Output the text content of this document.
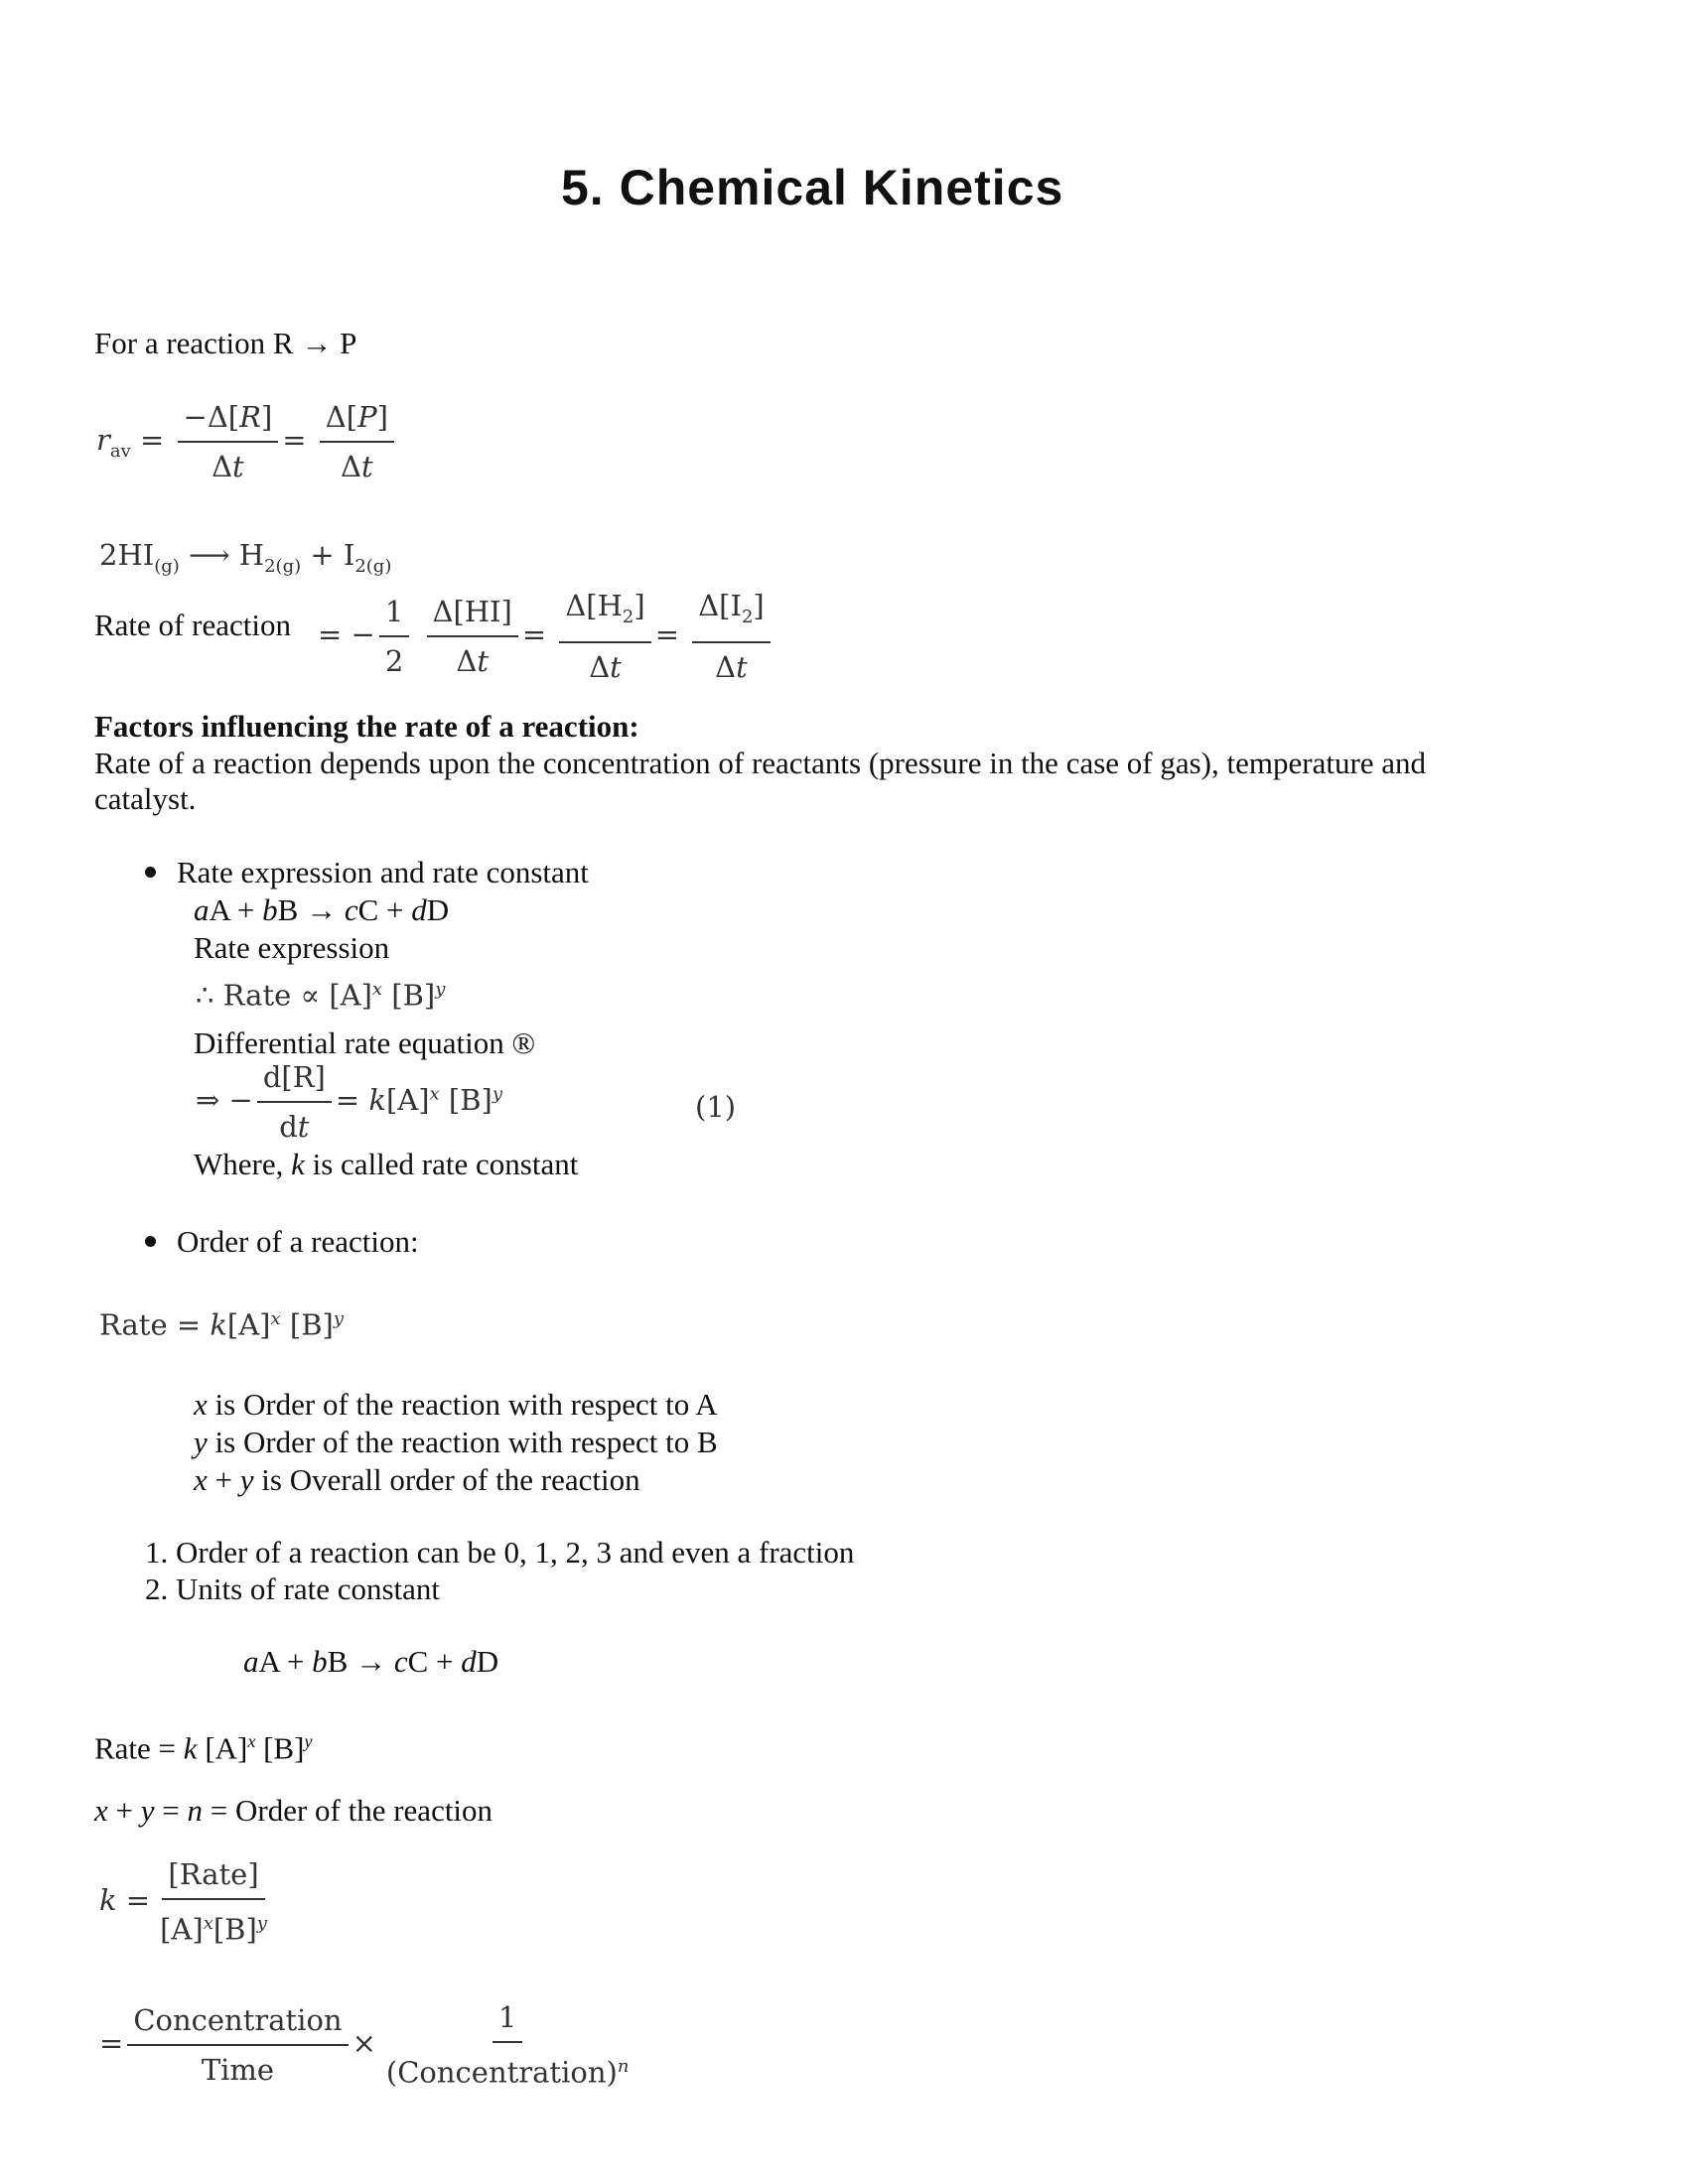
5. Chemical Kinetics
For a reaction R → P
$r_{av} = \frac{-\Delta[R]}{\Delta t} = \frac{\Delta[P]}{\Delta t}$
$2HI_{(g)}$ ⟶ $H_{2(g)} + I_{2(g)}$
Rate of reaction = − $\frac{1}{2}$
$\frac{\Delta[HI]}{\Delta t} = \frac{\Delta[H_2]}{\Delta t} = \frac{\Delta[I_2]}{\Delta t}$
Factors influencing the rate of a reaction:
Rate of a reaction depends upon the concentration of reactants (pressure in the case of gas), temperature and
catalyst.
Rate expression and rate constant
aA + bB → cC + dD
Rate expression
∴ Rate ∝ $[A]^x$ $[B]^y$
Differential rate equation ®
⇒ − $\frac{d[R]}{dt} = k[A]^x$ $[B]^y$	(1)
Where, k is called rate constant
Order of a reaction:
Rate = $k[A]^x$ $[B]^y$
x is Order of the reaction with respect to A
y is Order of the reaction with respect to B
x + y is Overall order of the reaction
1. Order of a reaction can be 0, 1, 2, 3 and even a fraction
2. Units of rate constant
aA + bB → cC + dD
Rate = k $[A]^x$ $[B]^y$
x + y = n = Order of the reaction
$k = \frac{\text{[Rate]}}{[A]^x[B]^y}$
= $\frac{\text{Concentration}}{\text{Time}} \times \frac{1}{(Concentration)^n}$
